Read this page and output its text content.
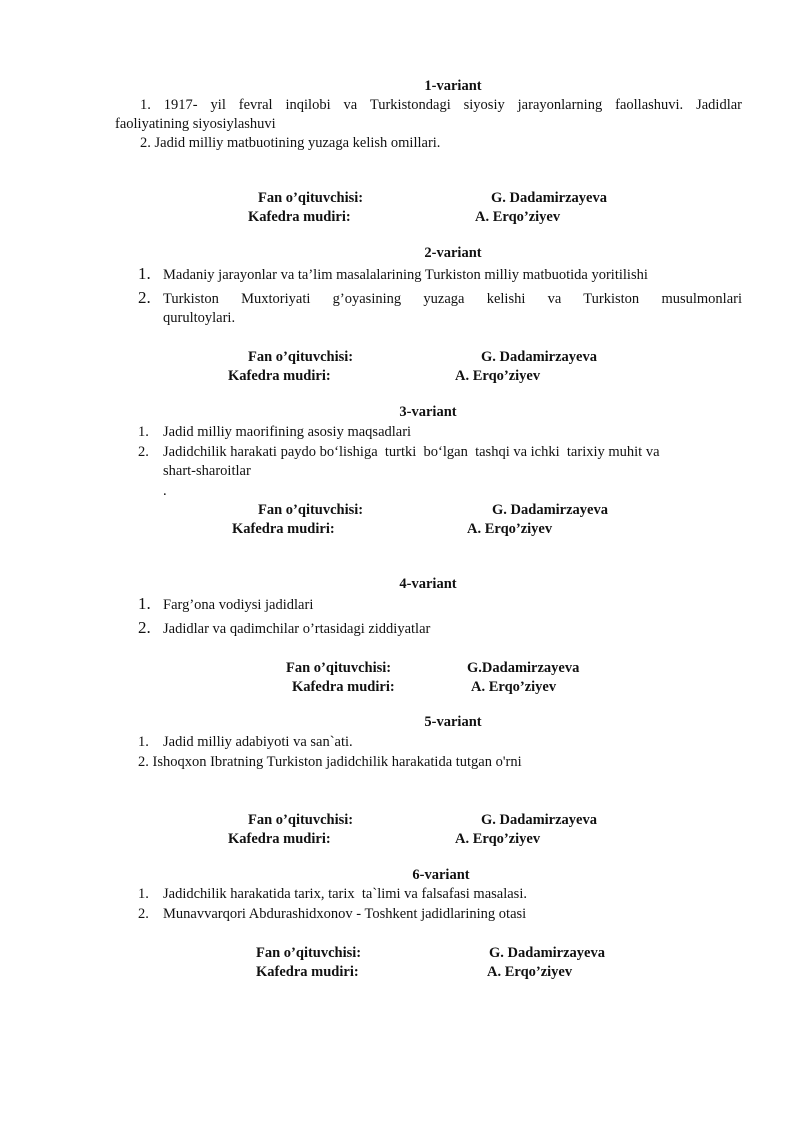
1-variant
1. 1917- yil fevral inqilobi va Turkistondagi siyosiy jarayonlarning faollashuvi. Jadidlar
faoliyatining siyosiylashuvi
2. Jadid milliy matbuotining yuzaga kelish omillari.
Fan o’qituvchisi:	G. Dadamirzayeva
Kafedra mudiri:	A. Erqo’ziyev
2-variant
1. Madaniy jarayonlar va ta’lim masalalarining Turkiston milliy matbuotida yoritilishi
2. Turkiston Muxtoriyati g’oyasining yuzaga kelishi va Turkiston musulmonlari
qurultoylari.
Fan o’qituvchisi:	G. Dadamirzayeva
Kafedra mudiri:	A. Erqo’ziyev
3-variant
1. Jadid milliy maorifining asosiy maqsadlari
2. Jadidchilik harakati paydo bo‘lishiga  turtki  bo‘lgan  tashqi va ichki  tarixiy muhit va
shart-sharoitlar
.
Fan o’qituvchisi:	G. Dadamirzayeva
Kafedra mudiri:	A. Erqo’ziyev
4-variant
1. Farg’ona vodiysi jadidlari
2. Jadidlar va qadimchilar o’rtasidagi ziddiyatlar
Fan o’qituvchisi:	G.Dadamirzayeva
Kafedra mudiri:	A. Erqo’ziyev
5-variant
1. Jadid milliy adabiyoti va san`ati.
2. Ishoqxon Ibratning Turkiston jadidchilik harakatida tutgan o'rni
Fan o’qituvchisi:	G. Dadamirzayeva
Kafedra mudiri:	A. Erqo’ziyev
6-variant
1. Jadidchilik harakatida tarix, tarix  ta`limi va falsafasi masalasi.
2. Munavvarqori Abdurashidxonov - Toshkent jadidlarining otasi
Fan o’qituvchisi:	G. Dadamirzayeva
Kafedra mudiri:	A. Erqo’ziyev
